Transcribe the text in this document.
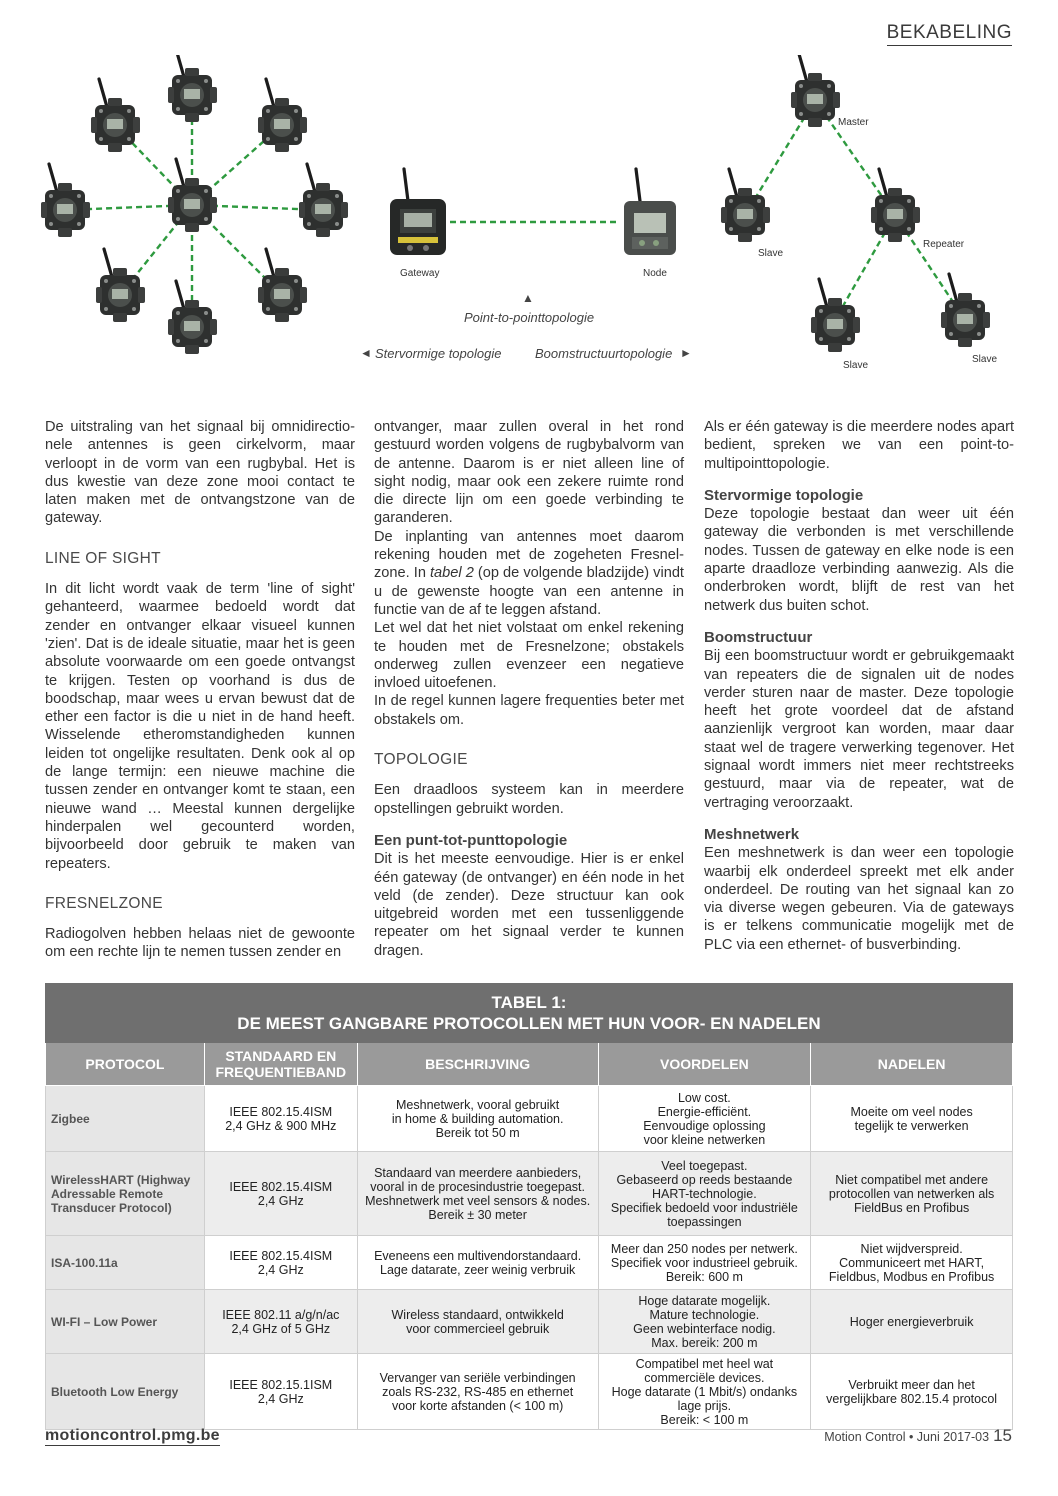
BEKABELING
Gateway	Node
Master
Slave
Repeater
Slave
Slave
▲
Point-to-pointtopologie
◄ Stervormige topologie	Boomstructuurtopologie ►

De uitstraling van het signaal bij omnidirectionele antennes is geen cirkelvorm, maar verloopt in de vorm van een rugbybal. Het is dus kwestie van deze zone mooi contact te laten maken met de ontvangstzone van de gateway.

LINE OF SIGHT

In dit licht wordt vaak de term 'line of sight' gehanteerd, waarmee bedoeld wordt dat zender en ontvanger elkaar visueel kunnen 'zien'. Dat is de ideale situatie, maar het is geen absolute voorwaarde om een goede ontvangst te krijgen. Testen op voorhand is dus de boodschap, maar wees u ervan bewust dat de ether een factor is die u niet in de hand heeft. Wisselende etheromstandigheden kunnen leiden tot ongelijke resultaten. Denk ook al op de lange termijn: een nieuwe machine die tussen zender en ontvanger komt te staan, een nieuwe wand … Meestal kunnen dergelijke hinderpalen wel gecounterd worden, bijvoorbeeld door gebruik te maken van repeaters.

FRESNELZONE

Radiogolven hebben helaas niet de gewoonte om een rechte lijn te nemen tussen zender en

ontvanger, maar zullen overal in het rond gestuurd worden volgens de rugbybalvorm van de antenne. Daarom is er niet alleen line of sight nodig, maar ook een zekere ruimte rond die directe lijn om een goede verbinding te garanderen.

De inplanting van antennes moet daarom rekening houden met de zogeheten Fresnelzone. In tabel 2 (op de volgende bladzijde) vindt u de gewenste hoogte van een antenne in functie van de af te leggen afstand.

Let wel dat het niet volstaat om enkel rekening te houden met de Fresnelzone; obstakels onderweg zullen evenzeer een negatieve invloed uitoefenen.

In de regel kunnen lagere frequenties beter met obstakels om.

TOPOLOGIE

Een draadloos systeem kan in meerdere opstellingen gebruikt worden.

Een punt-tot-punttopologie

Dit is het meeste eenvoudige. Hier is er enkel één gateway (de ontvanger) en één node in het veld (de zender). Deze structuur kan ook uitgebreid worden met een tussenliggende repeater om het signaal verder te kunnen dragen.

Als er één gateway is die meerdere nodes apart bedient, spreken we van een point-to-multipointtopologie.

Stervormige topologie

Deze topologie bestaat dan weer uit één gateway die verbonden is met verschillende nodes. Tussen de gateway en elke node is een aparte draadloze verbinding aanwezig. Als die onderbroken wordt, blijft de rest van het netwerk dus buiten schot.

Boomstructuur

Bij een boomstructuur wordt er gebruikgemaakt van repeaters die de signalen uit de nodes verder sturen naar de master. Deze topologie heeft het grote voordeel dat de afstand aanzienlijk vergroot kan worden, maar daar staat wel de tragere verwerking tegenover. Het signaal wordt immers niet meer rechtstreeks gestuurd, maar via de repeater, wat de vertraging veroorzaakt.

Meshnetwerk

Een meshnetwerk is dan weer een topologie waarbij elk onderdeel spreekt met elk ander onderdeel. De routing van het signaal kan zo via diverse wegen gebeuren. Via de gateways is er telkens communicatie mogelijk met de PLC via een ethernet- of busverbinding.

TABEL 1:
DE MEEST GANGBARE PROTOCOLLEN MET HUN VOOR- EN NADELEN				

PROTOCOL	STANDAARD EN FREQUENTIEBAND	BESCHRIJVING	VOORDELEN	NADELEN
Zigbee	IEEE 802.15.4ISM
2,4 GHz & 900 MHz	Meshnetwerk, vooral gebruikt
in home & building automation.
Bereik tot 50 m	Low cost.
Energie-efficiënt.
Eenvoudige oplossing
voor kleine netwerken	Moeite om veel nodes
tegelijk te verwerken
WirelessHART (Highway
Adressable Remote
Transducer Protocol)	IEEE 802.15.4ISM
2,4 GHz	Standaard van meerdere aanbieders,
vooral in de procesindustrie toegepast.
Meshnetwerk met veel sensors & nodes.
Bereik ± 30 meter	Veel toegepast.
Gebaseerd op reeds bestaande
HART-technologie.
Specifiek bedoeld voor industriële
toepassingen	Niet compatibel met andere
protocollen van netwerken als
FieldBus en Profibus
ISA-100.11a	IEEE 802.15.4ISM
2,4 GHz	Eveneens een multivendorstandaard.
Lage datarate, zeer weinig verbruik	Meer dan 250 nodes per netwerk.
Specifiek voor industrieel gebruik.
Bereik: 600 m	Niet wijdverspreid.
Communiceert met HART,
Fieldbus, Modbus en Profibus
WI-FI – Low Power	IEEE 802.11 a/g/n/ac
2,4 GHz of 5 GHz	Wireless standaard, ontwikkeld
voor commercieel gebruik	Hoge datarate mogelijk.
Mature technologie.
Geen webinterface nodig.
Max. bereik: 200 m	Hoger energieverbruik
Bluetooth Low Energy	IEEE 802.15.1ISM
2,4 GHz	Vervanger van seriële verbindingen
zoals RS-232, RS-485 en ethernet
voor korte afstanden (< 100 m)	Compatibel met heel wat
commerciële devices.
Hoge datarate (1 Mbit/s) ondanks
lage prijs.
Bereik: < 100 m	Verbruikt meer dan het
vergelijkbare 802.15.4 protocol
motioncontrol.pmg.be	Motion Control • Juni 2017-03 15
